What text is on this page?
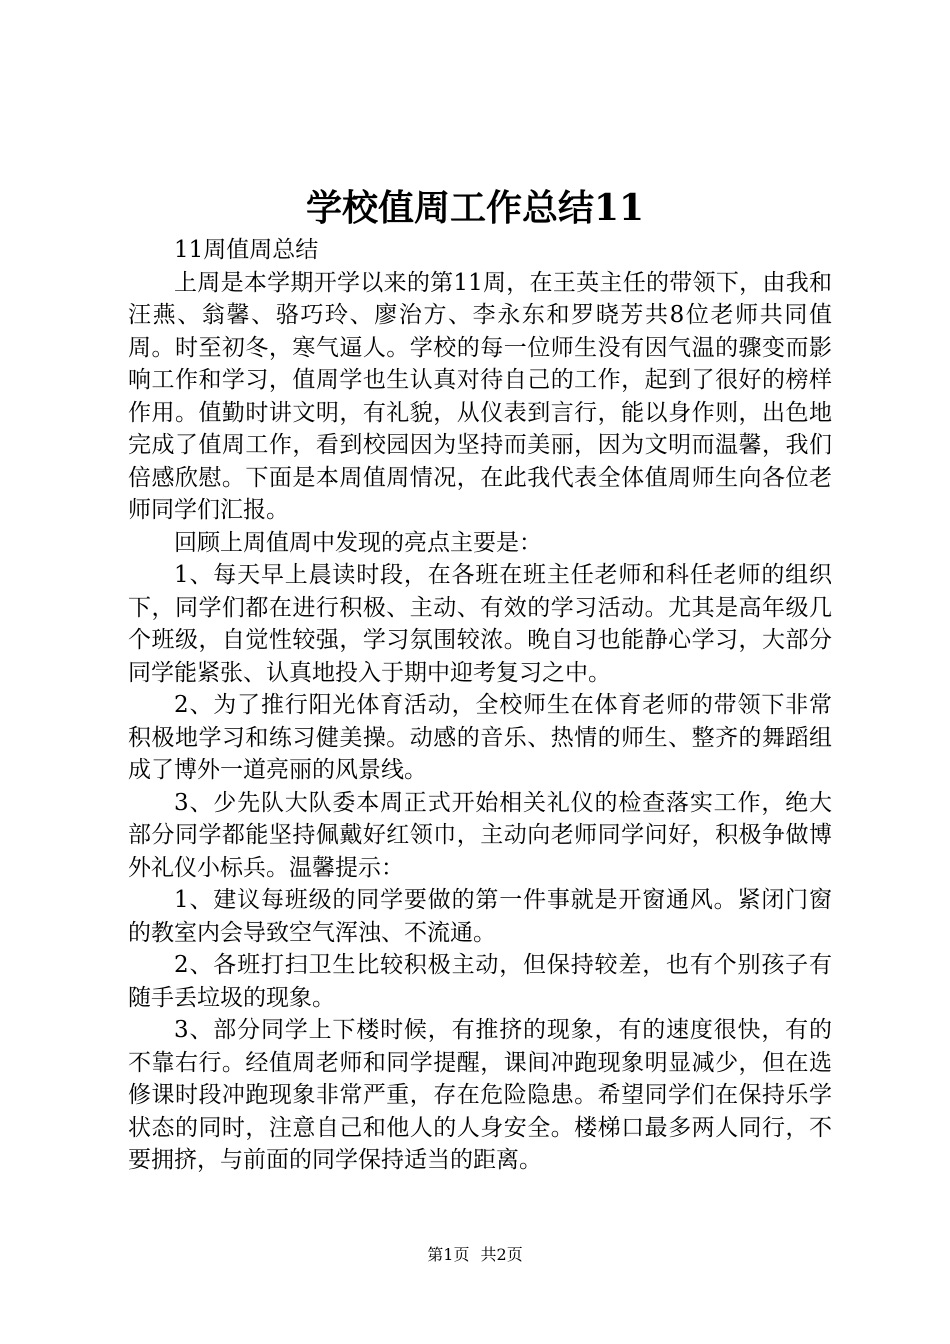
学校值周工作总结11

11周值周总结

上周是本学期开学以来的第11周，在王英主任的带领下，由我和汪燕、翁馨、骆巧玲、廖治方、李永东和罗晓芳共8位老师共同值周。时至初冬，寒气逼人。学校的每一位师生没有因气温的骤变而影响工作和学习，值周学也生认真对待自己的工作，起到了很好的榜样作用。值勤时讲文明，有礼貌，从仪表到言行，能以身作则，出色地完成了值周工作，看到校园因为坚持而美丽，因为文明而温馨，我们倍感欣慰。下面是本周值周情况，在此我代表全体值周师生向各位老师同学们汇报。

回顾上周值周中发现的亮点主要是：

1、每天早上晨读时段，在各班在班主任老师和科任老师的组织下，同学们都在进行积极、主动、有效的学习活动。尤其是高年级几个班级，自觉性较强，学习氛围较浓。晚自习也能静心学习，大部分同学能紧张、认真地投入于期中迎考复习之中。

2、为了推行阳光体育活动，全校师生在体育老师的带领下非常积极地学习和练习健美操。动感的音乐、热情的师生、整齐的舞蹈组成了博外一道亮丽的风景线。

3、少先队大队委本周正式开始相关礼仪的检查落实工作，绝大部分同学都能坚持佩戴好红领巾，主动向老师同学问好，积极争做博外礼仪小标兵。温馨提示：

1、建议每班级的同学要做的第一件事就是开窗通风。紧闭门窗的教室内会导致空气浑浊、不流通。

2、各班打扫卫生比较积极主动，但保持较差，也有个别孩子有随手丢垃圾的现象。

3、部分同学上下楼时候，有推挤的现象，有的速度很快，有的不靠右行。经值周老师和同学提醒，课间冲跑现象明显减少，但在选修课时段冲跑现象非常严重，存在危险隐患。希望同学们在保持乐学状态的同时，注意自己和他人的人身安全。楼梯口最多两人同行，不要拥挤，与前面的同学保持适当的距离。

第1页 共2页
